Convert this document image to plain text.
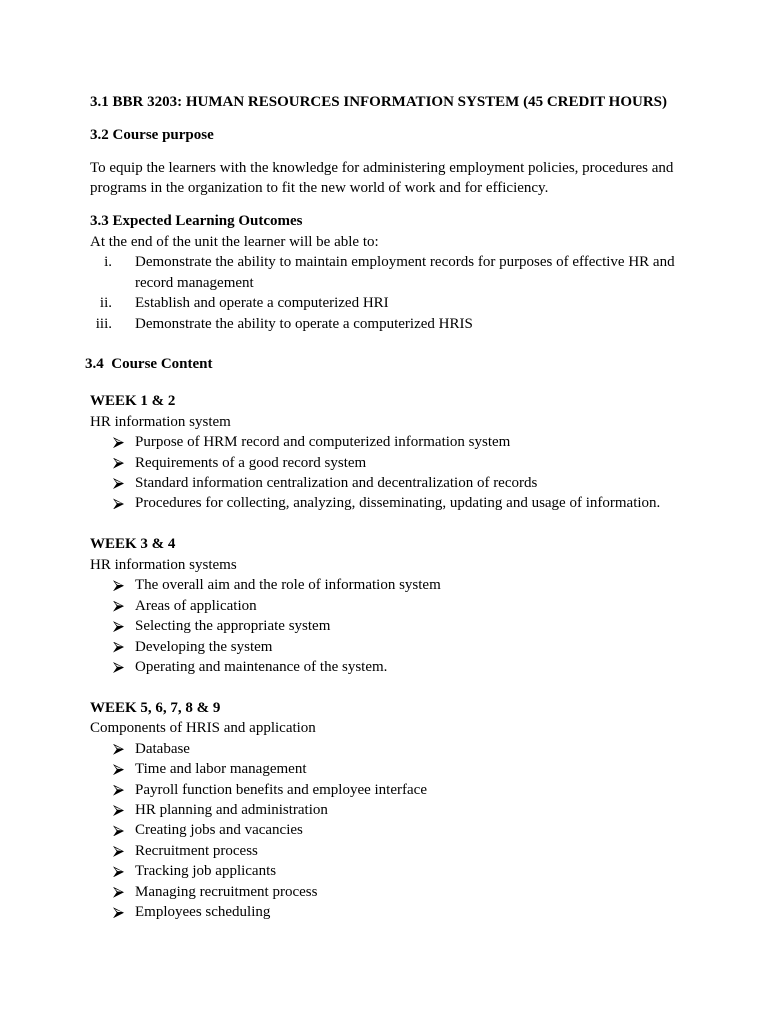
3.1 BBR 3203: HUMAN RESOURCES INFORMATION SYSTEM (45 CREDIT HOURS)
3.2 Course purpose
To equip the learners with the knowledge for administering employment policies, procedures and
programs in the organization to fit the new world of work and for efficiency.
3.3 Expected Learning Outcomes
At the end of the unit the learner will be able to:

i.

Demonstrate the ability to maintain employment records for purposes of effective HR and

record management

ii.

Establish and operate a computerized HRI

iii.

Demonstrate the ability to operate a computerized HRIS

3.4  Course Content
WEEK 1 & 2
HR information system

Purpose of HRM record and computerized information system

Requirements of a good record system

Standard information centralization and decentralization of records

Procedures for collecting, analyzing, disseminating, updating and usage of information.

WEEK 3 & 4
HR information systems

The overall aim and the role of information system

Areas of application

Selecting the appropriate system

Developing the system

Operating and maintenance of the system.

WEEK 5, 6, 7, 8 & 9
Components of HRIS and application

Database

Time and labor management

Payroll function benefits and employee interface

HR planning and administration

Creating jobs and vacancies

Recruitment process

Tracking job applicants

Managing recruitment process

Employees scheduling
